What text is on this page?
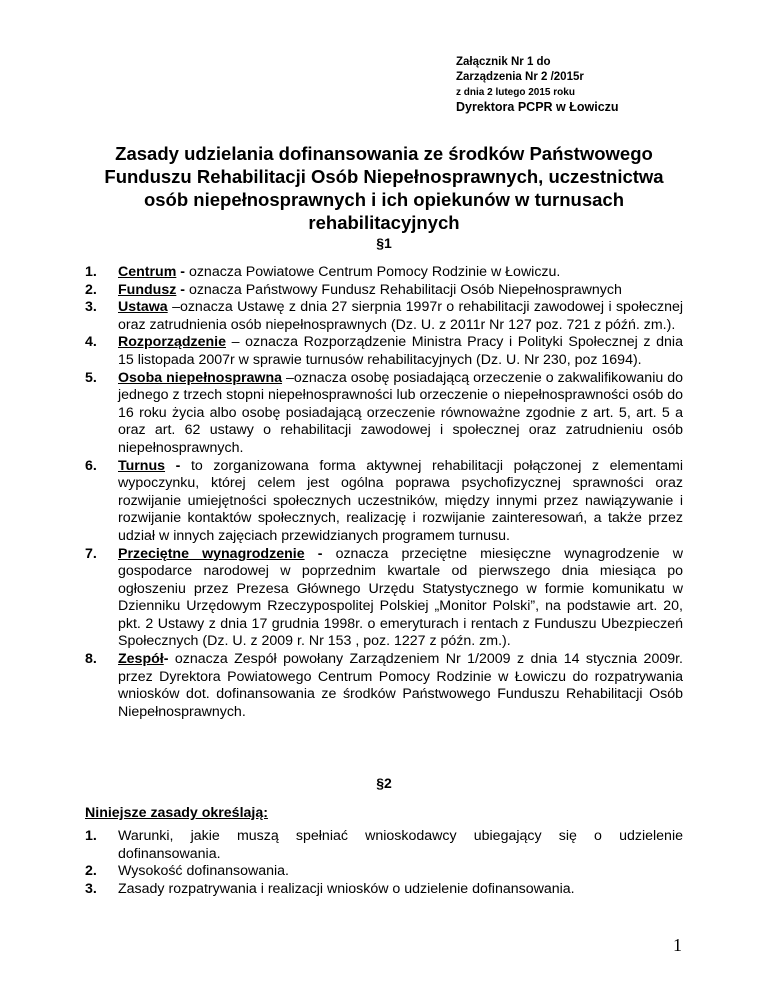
Załącznik Nr 1 do
Zarządzenia Nr 2 /2015r
z dnia 2 lutego 2015 roku
Dyrektora PCPR w Łowiczu
Zasady udzielania dofinansowania ze środków Państwowego Funduszu Rehabilitacji Osób Niepełnosprawnych, uczestnictwa osób niepełnosprawnych i ich opiekunów w turnusach rehabilitacyjnych
§1
1. Centrum - oznacza Powiatowe Centrum Pomocy Rodzinie w Łowiczu.
2. Fundusz - oznacza Państwowy Fundusz Rehabilitacji Osób Niepełnosprawnych
3. Ustawa –oznacza Ustawę z dnia 27 sierpnia 1997r o rehabilitacji zawodowej i społecznej oraz zatrudnienia osób niepełnosprawnych (Dz. U. z 2011r Nr 127 poz. 721 z późń. zm.).
4. Rozporządzenie – oznacza Rozporządzenie Ministra Pracy i Polityki Społecznej z dnia 15 listopada 2007r w sprawie turnusów rehabilitacyjnych (Dz. U. Nr 230, poz 1694).
5. Osoba niepełnosprawna –oznacza osobę posiadającą orzeczenie o zakwalifikowaniu do jednego z trzech stopni niepełnosprawności lub orzeczenie o niepełnosprawności osób do 16 roku życia albo osobę posiadającą orzeczenie równoważne zgodnie z art. 5, art. 5 a oraz art. 62 ustawy o rehabilitacji zawodowej i społecznej oraz zatrudnieniu osób niepełnosprawnych.
6. Turnus - to zorganizowana forma aktywnej rehabilitacji połączonej z elementami wypoczynku, której celem jest ogólna poprawa psychofizycznej sprawności oraz rozwijanie umiejętności społecznych uczestników, między innymi przez nawiązywanie i rozwijanie kontaktów społecznych, realizację i rozwijanie zainteresowań, a także przez udział w innych zajęciach przewidzianych programem turnusu.
7. Przeciętne wynagrodzenie - oznacza przeciętne miesięczne wynagrodzenie w gospodarce narodowej w poprzednim kwartale od pierwszego dnia miesiąca po ogłoszeniu przez Prezesa Głównego Urzędu Statystycznego w formie komunikatu w Dzienniku Urzędowym Rzeczypospolitej Polskiej „Monitor Polski”, na podstawie art. 20, pkt. 2 Ustawy z dnia 17 grudnia 1998r. o emeryturach i rentach z Funduszu Ubezpieczeń Społecznych (Dz. U. z 2009 r. Nr 153 , poz. 1227 z późn. zm.).
8. Zespół- oznacza Zespół powołany Zarządzeniem Nr 1/2009 z dnia 14 stycznia 2009r. przez Dyrektora Powiatowego Centrum Pomocy Rodzinie w Łowiczu do rozpatrywania wniosków dot. dofinansowania ze środków Państwowego Funduszu Rehabilitacji Osób Niepełnosprawnych.
§2

Niniejsze zasady określają:

1. Warunki, jakie muszą spełniać wnioskodawcy ubiegający się o udzielenie dofinansowania.
2. Wysokość dofinansowania.
3. Zasady rozpatrywania i realizacji wniosków o udzielenie dofinansowania.
1
